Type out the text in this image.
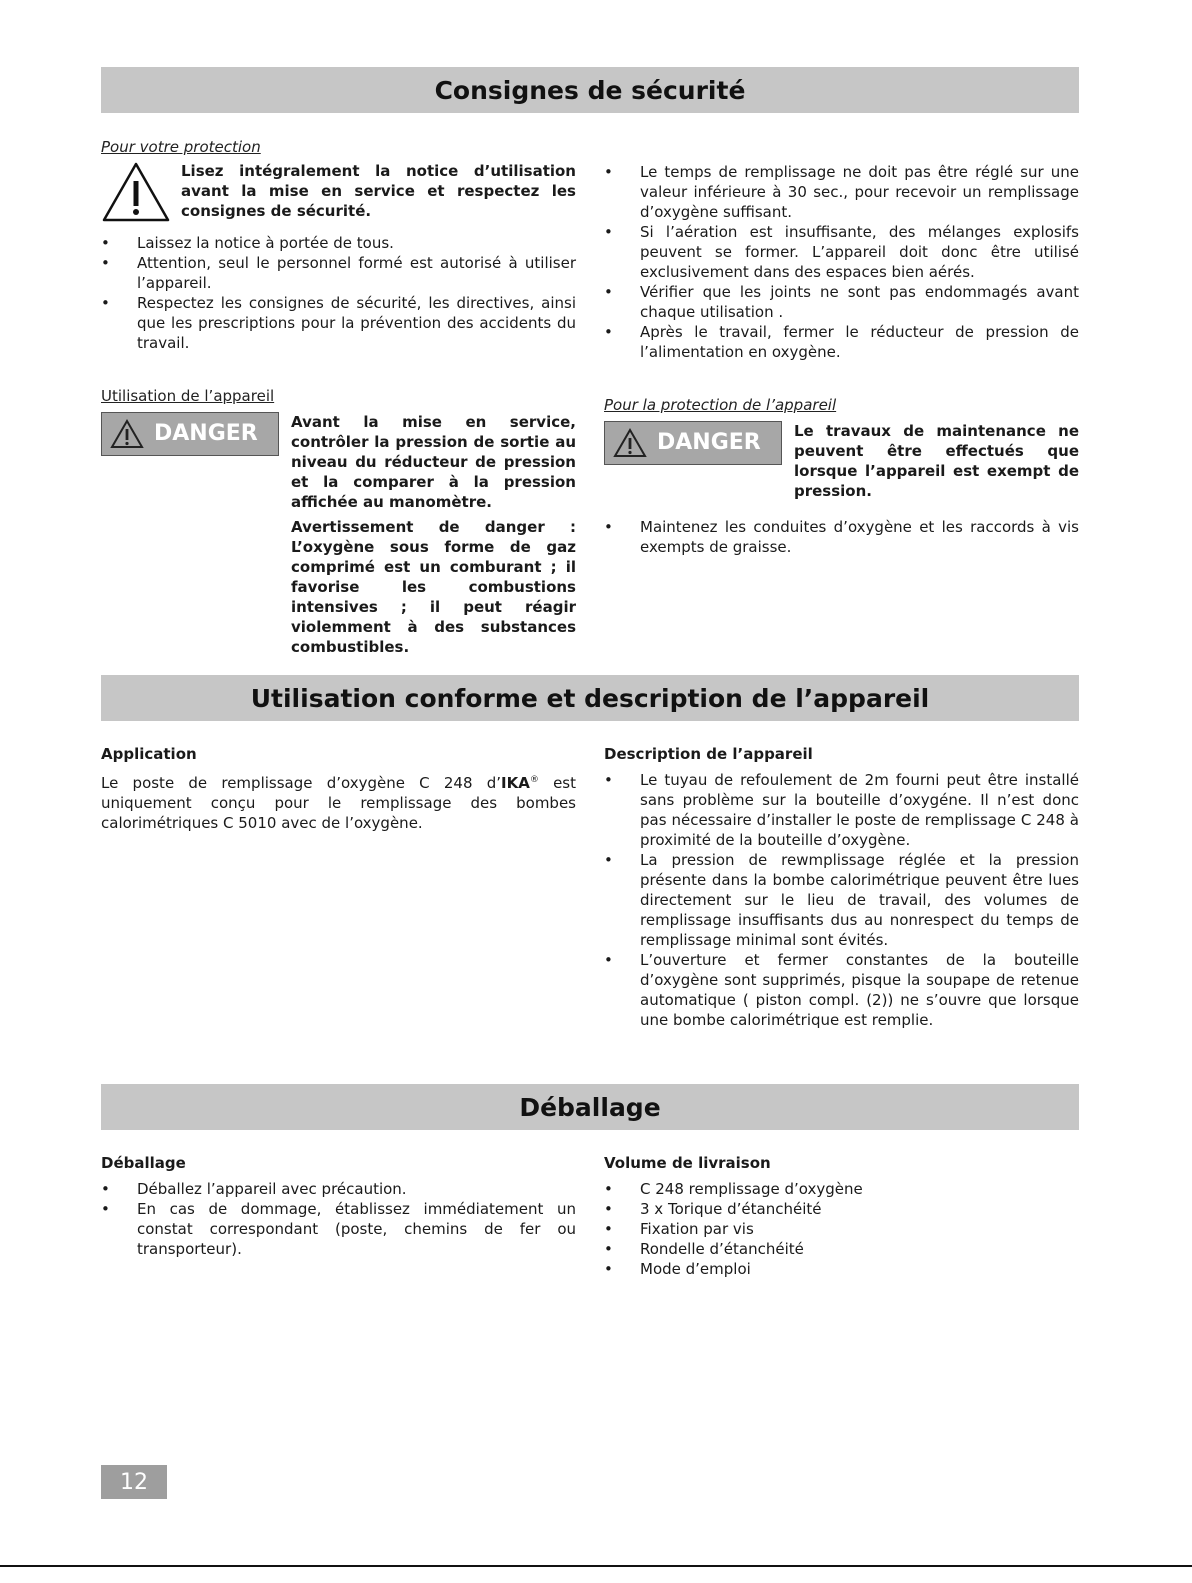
Consignes de sécurité
Pour votre protection
Lisez intégralement la notice d’utilisation avant la mise en service et respectez les consignes de sécurité.
• Laissez la notice à portée de tous.
• Attention, seul le personnel formé est autorisé à utiliser l’appareil.
• Respectez les consignes de sécurité, les directives, ainsi que les prescriptions pour la prévention des accidents du travail.
Utilisation de l’appareil
DANGER Avant la mise en service, contrôler la pression de sortie au niveau du réducteur de pression et la comparer à la pression affichée au manomètre.
Avertissement de danger : L’oxygène sous forme de gaz comprimé est un comburant ; il favorise les combustions intensives ; il peut réagir violemment à des substances combustibles.
• Le temps de remplissage ne doit pas être réglé sur une valeur inférieure à 30 sec., pour recevoir un remplissage d’oxygène suffisant.
• Si l’aération est insuffisante, des mélanges explosifs peuvent se former. L’appareil doit donc être utilisé exclusivement dans des espaces bien aérés.
• Vérifier que les joints ne sont pas endommagés avant chaque utilisation .
• Après le travail, fermer le réducteur de pression de l’alimentation en oxygène.
Pour la protection de l’appareil
DANGER Le travaux de maintenance ne peuvent être effectués que lorsque l’appareil est exempt de pression.
• Maintenez les conduites d’oxygène et les raccords à vis exempts de graisse.
Utilisation conforme et description de l’appareil
Application
Le poste de remplissage d’oxygène C 248 d’IKA® est uniquement conçu pour le remplissage des bombes calorimétriques C 5010 avec de l’oxygène.
Description de l’appareil
• Le tuyau de refoulement de 2m fourni peut être installé sans problème sur la bouteille d’oxygéne. Il n’est donc pas nécessaire d’installer le poste de remplissage C 248 à proximité de la bouteille d’oxygène.
• La pression de rewmplissage réglée et la pression présente dans la bombe calorimétrique peuvent être lues directement sur le lieu de travail, des volumes de remplissage insuffisants dus au nonrespect du temps de remplissage minimal sont évités.
• L’ouverture et fermer constantes de la bouteille d’oxygène sont supprimés, pisque la soupape de retenue automatique ( piston compl. (2)) ne s’ouvre que lorsque une bombe calorimétrique est remplie.
Déballage
Déballage
• Déballez l’appareil avec précaution.
• En cas de dommage, établissez immédiatement un constat correspondant (poste, chemins de fer ou transporteur).
Volume de livraison
• C 248 remplissage d’oxygène
• 3 x Torique d’étanchéité
• Fixation par vis
• Rondelle d’étanchéité
• Mode d’emploi
12
